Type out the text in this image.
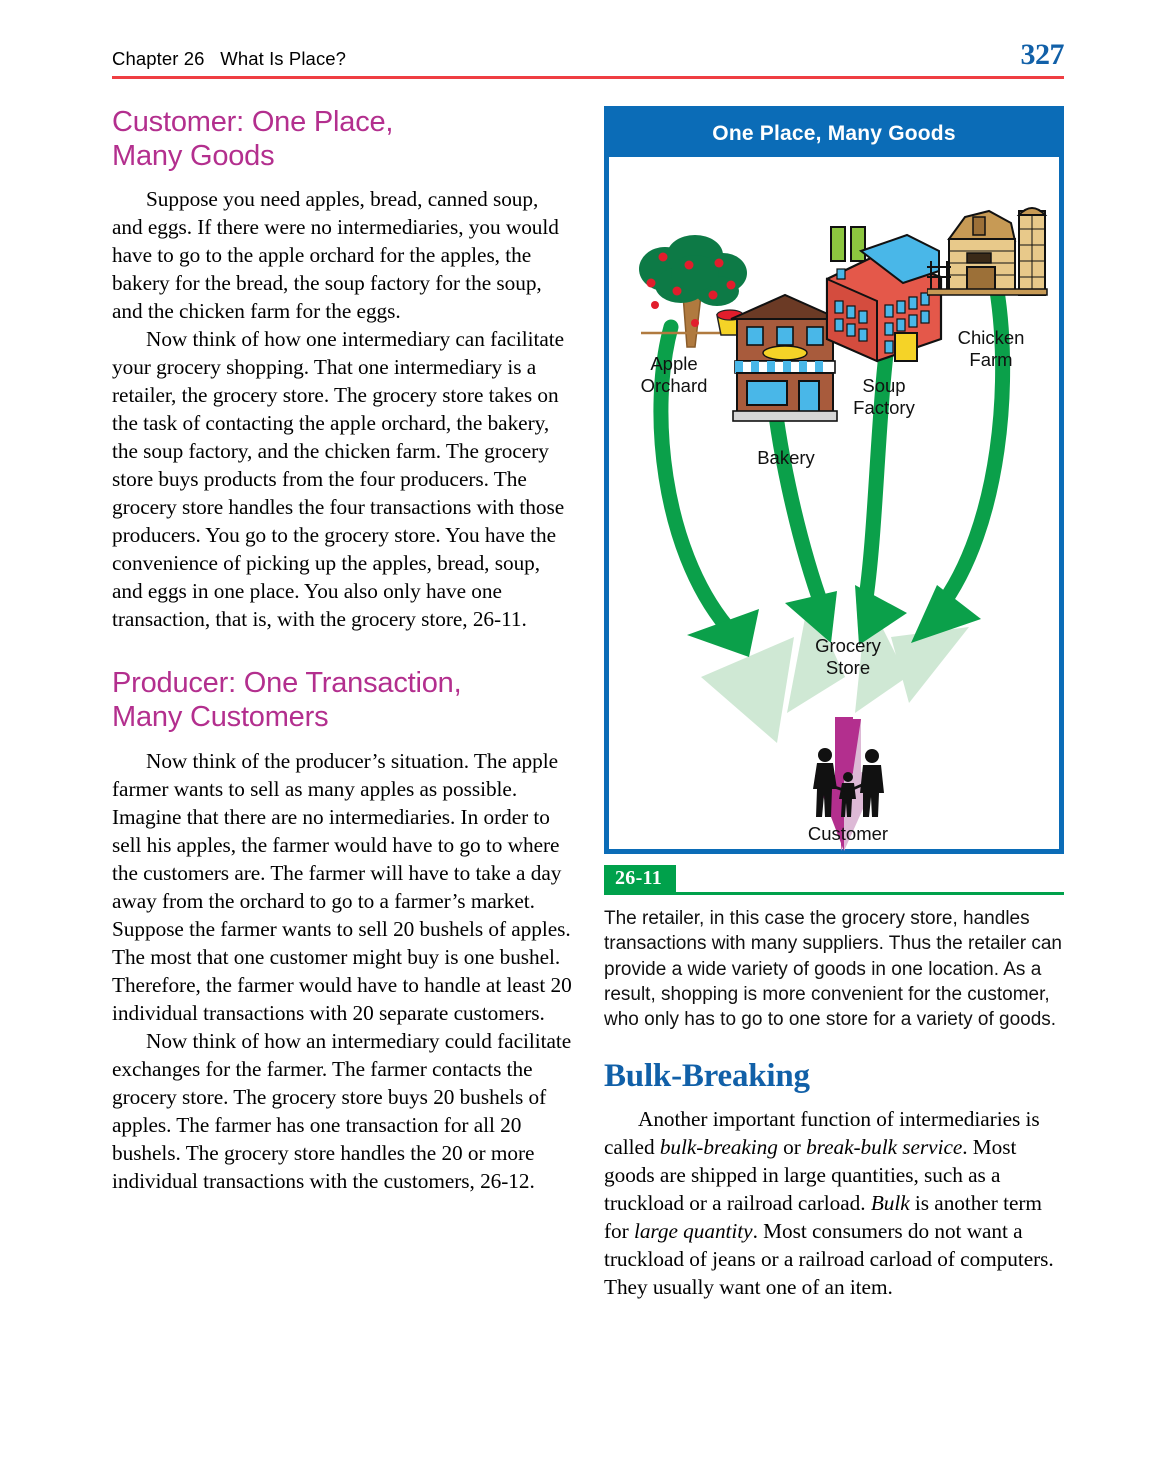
Chapter 26   What Is Place?	327
Customer: One Place,
Many Goods

Suppose you need apples, bread, canned soup, and eggs. If there were no intermediaries, you would have to go to the apple orchard for the apples, the bakery for the bread, the soup factory for the soup, and the chicken farm for the eggs.

Now think of how one intermediary can facilitate your grocery shopping. That one intermediary is a retailer, the grocery store. The grocery store takes on the task of contacting the apple orchard, the bakery, the soup factory, and the chicken farm. The grocery store buys products from the four producers. The grocery store handles the four transactions with those producers. You go to the grocery store. You have the convenience of picking up the apples, bread, soup, and eggs in one place. You also only have one transaction, that is, with the grocery store, 26-11.

Producer: One Transaction,
Many Customers

Now think of the producer’s situation. The apple farmer wants to sell as many apples as possible. Imagine that there are no intermediaries. In order to sell his apples, the farmer would have to go to where the customers are. The farmer will have to take a day away from the orchard to go to a farmer’s market. Suppose the farmer wants to sell 20 bushels of apples. The most that one customer might buy is one bushel. Therefore, the farmer would have to handle at least 20 individual transactions with 20 separate customers.

Now think of how an intermediary could facilitate exchanges for the farmer. The farmer contacts the grocery store. The grocery store buys 20 bushels of apples. The farmer has one transaction for all 20 bushels. The grocery store handles the 20 or more individual transactions with the customers, 26-12.

One Place, Many Goods
Apple
Orchard
Bakery
Soup
Factory
Chicken
Farm
Grocery
Store
Customer
26-11
The retailer, in this case the grocery store, handles transactions with many suppliers. Thus the retailer can provide a wide variety of goods in one location. As a result, shopping is more convenient for the customer, who only has to go to one store for a variety of goods.
Bulk-Breaking

Another important function of intermediaries is called bulk-breaking or break-bulk service. Most goods are shipped in large quantities, such as a truckload or a railroad carload. Bulk is another term for large quantity. Most consumers do not want a truckload of jeans or a railroad carload of computers. They usually want one of an item.
